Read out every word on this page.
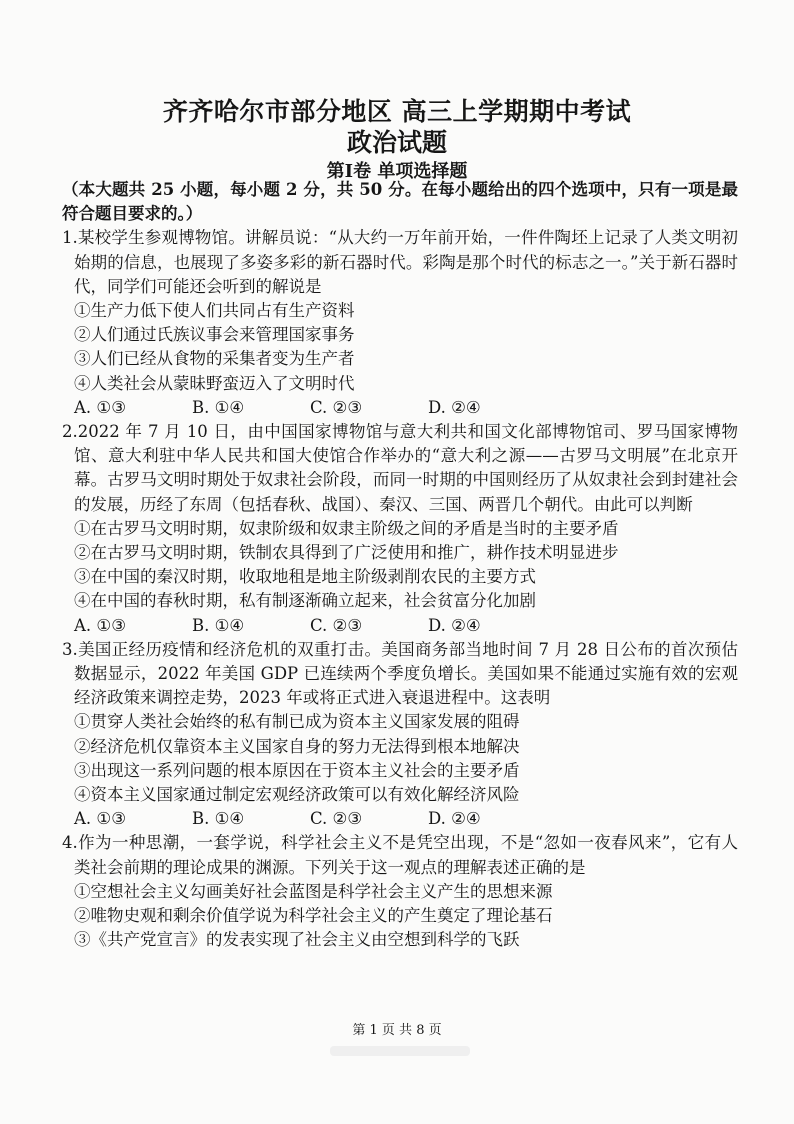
齐齐哈尔市部分地区 高三上学期期中考试
政治试题
第Ⅰ卷 单项选择题
（本大题共 25 小题，每小题 2 分，共 50 分。在每小题给出的四个选项中，只有一项是最符合题目要求的。）
1.某校学生参观博物馆。讲解员说：“从大约一万年前开始，一件件陶坯上记录了人类文明初始期的信息，也展现了多姿多彩的新石器时代。彩陶是那个时代的标志之一。”关于新石器时代，同学们可能还会听到的解说是
①生产力低下使人们共同占有生产资料
②人们通过氏族议事会来管理国家事务
③人们已经从食物的采集者变为生产者
④人类社会从蒙昧野蛮迈入了文明时代
A. ①③	B. ①④	C. ②③	D. ②④
2.2022 年 7 月 10 日，由中国国家博物馆与意大利共和国文化部博物馆司、罗马国家博物馆、意大利驻中华人民共和国大使馆合作举办的“意大利之源——古罗马文明展”在北京开幕。古罗马文明时期处于奴隶社会阶段，而同一时期的中国则经历了从奴隶社会到封建社会的发展，历经了东周（包括春秋、战国）、秦汉、三国、两晋几个朝代。由此可以判断
①在古罗马文明时期，奴隶阶级和奴隶主阶级之间的矛盾是当时的主要矛盾
②在古罗马文明时期，铁制农具得到了广泛使用和推广，耕作技术明显进步
③在中国的秦汉时期，收取地租是地主阶级剥削农民的主要方式
④在中国的春秋时期，私有制逐渐确立起来，社会贫富分化加剧
A. ①③	B. ①④	C. ②③	D. ②④
3.美国正经历疫情和经济危机的双重打击。美国商务部当地时间 7 月 28 日公布的首次预估数据显示，2022 年美国 GDP 已连续两个季度负增长。美国如果不能通过实施有效的宏观经济政策来调控走势，2023 年或将正式进入衰退进程中。这表明
①贯穿人类社会始终的私有制已成为资本主义国家发展的阻碍
②经济危机仅靠资本主义国家自身的努力无法得到根本地解决
③出现这一系列问题的根本原因在于资本主义社会的主要矛盾
④资本主义国家通过制定宏观经济政策可以有效化解经济风险
A. ①③	B. ①④	C. ②③	D. ②④
4.作为一种思潮，一套学说，科学社会主义不是凭空出现，不是“忽如一夜春风来”，它有人类社会前期的理论成果的渊源。下列关于这一观点的理解表述正确的是
①空想社会主义勾画美好社会蓝图是科学社会主义产生的思想来源
②唯物史观和剩余价值学说为科学社会主义的产生奠定了理论基石
③《共产党宣言》的发表实现了社会主义由空想到科学的飞跃
第 1 页 共 8 页
